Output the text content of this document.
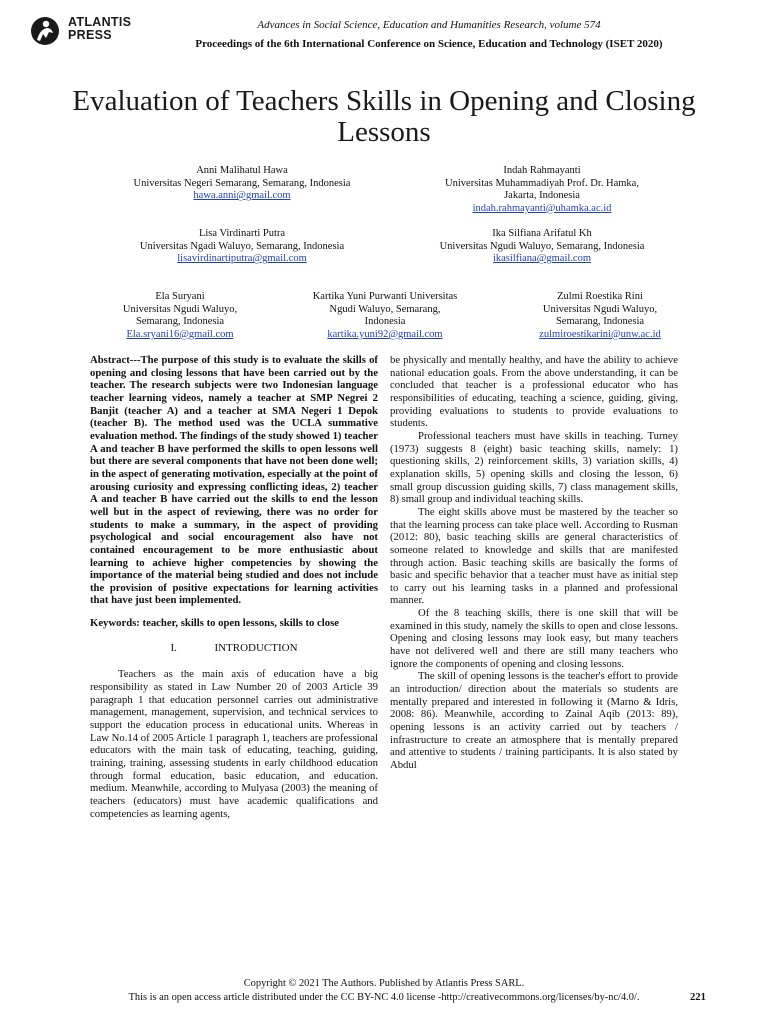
ATLANTIS
PRESS
Advances in Social Science, Education and Humanities Research, volume 574
Proceedings of the 6th International Conference on Science, Education and Technology (ISET 2020)
Evaluation of Teachers Skills in Opening and Closing Lessons
Anni Malihatul Hawa
Universitas Negeri Semarang, Semarang, Indonesia
hawa.anni@gmail.com
Indah Rahmayanti
Universitas Muhammadiyah Prof. Dr. Hamka,
Jakarta, Indonesia
indah.rahmayanti@uhamka.ac.id
Lisa Virdinarti Putra
Universitas Ngadi Waluyo, Semarang, Indonesia
lisavirdinartiputra@gmail.com
Ika Silfiana Arifatul Kh
Universitas Ngudi Waluyo, Semarang, Indonesia
ikasilfiana@gmail.com
Ela Suryani
Universitas Ngudi Waluyo,
Semarang, Indonesia
Ela.sryani16@gmail.com
Kartika Yuni Purwanti Universitas
Ngudi Waluyo, Semarang,
Indonesia
kartika.yuni92@gmail.com
Zulmi Roestika Rini
Universitas Ngudi Waluyo,
Semarang, Indonesia
zulmiroestikarini@unw.ac.id

Abstract---The purpose of this study is to evaluate the skills of opening and closing lessons that have been carried out by the teacher. The research subjects were two Indonesian language teacher learning videos, namely a teacher at SMP Negrei 2 Banjit (teacher A) and a teacher at SMA Negeri 1 Depok (teacher B). The method used was the UCLA summative evaluation method. The findings of the study showed 1) teacher A and teacher B have performed the skills to open lessons well but there are several components that have not been done well; in the aspect of generating motivation, especially at the point of arousing curiosity and expressing conflicting ideas, 2) teacher A and teacher B have carried out the skills to end the lesson well but in the aspect of reviewing, there was no order for students to make a summary, in the aspect of providing psychological and social encouragement also have not contained encouragement to be more enthusiastic about learning to achieve higher competencies by showing the importance of the material being studied and does not include the provision of positive expectations for learning activities that have just been implemented.

Keywords: teacher, skills to open lessons, skills to close

I.	INTRODUCTION

Teachers as the main axis of education have a big responsibility as stated in Law Number 20 of 2003 Article 39 paragraph 1 that education personnel carries out administrative management, management, supervision, and technical services to support the education process in educational units. Whereas in Law No.14 of 2005 Article 1 paragraph 1, teachers are professional educators with the main task of educating, teaching, guiding, training, training, assessing students in early childhood education through formal education, basic education, and education. medium. Meanwhile, according to Mulyasa (2003) the meaning of teachers (educators) must have academic qualifications and competencies as learning agents,

be physically and mentally healthy, and have the ability to achieve national education goals. From the above understanding, it can be concluded that teacher is a professional educator who has responsibilities of educating, teaching a science, guiding, giving, providing evaluations to students to provide evaluations to students.

Professional teachers must have skills in teaching. Turney (1973) suggests 8 (eight) basic teaching skills, namely: 1) questioning skills, 2) reinforcement skills, 3) variation skills, 4) explanation skills, 5) opening skills and closing the lesson, 6) small group discussion guiding skills, 7) class management skills, 8) small group and individual teaching skills.

The eight skills above must be mastered by the teacher so that the learning process can take place well. According to Rusman (2012: 80), basic teaching skills are general characteristics of someone related to knowledge and skills that are manifested through action. Basic teaching skills are basically the forms of basic and specific behavior that a teacher must have as initial step to carry out his learning tasks in a planned and professional manner.

Of the 8 teaching skills, there is one skill that will be examined in this study, namely the skills to open and close lessons. Opening and closing lessons may look easy, but many teachers have not delivered well and there are still many teachers who ignore the components of opening and closing lessons.

The skill of opening lessons is the teacher's effort to provide an introduction/ direction about the materials so students are mentally prepared and interested in following it (Marno & Idris, 2008: 86). Meanwhile, according to Zainal Aqib (2013: 89), opening lessons is an activity carried out by teachers / infrastructure to create an atmosphere that is mentally prepared and attentive to students / training participants. It is also stated by Abdul

Copyright © 2021 The Authors. Published by Atlantis Press SARL.
This is an open access article distributed under the CC BY-NC 4.0 license -http://creativecommons.org/licenses/by-nc/4.0/.	221
